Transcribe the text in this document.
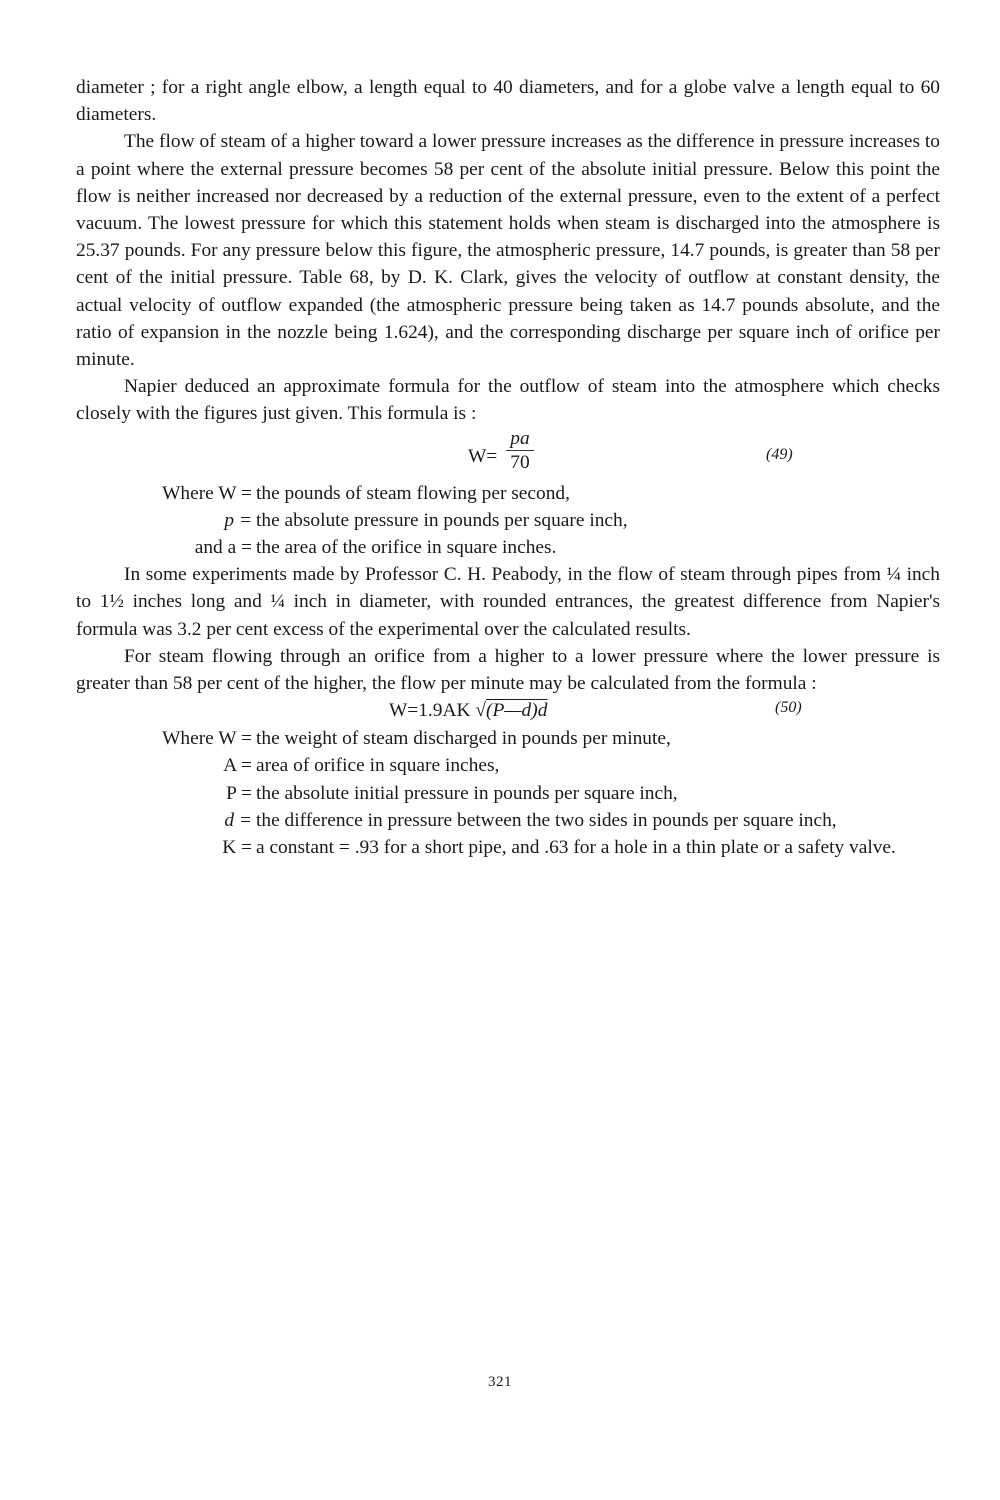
diameter ; for a right angle elbow, a length equal to 40 diameters, and for a globe valve a length equal to 60 diameters.

The flow of steam of a higher toward a lower pressure increases as the difference in pressure increases to a point where the external pressure becomes 58 per cent of the absolute initial pressure. Below this point the flow is neither increased nor decreased by a reduction of the external pressure, even to the extent of a perfect vacuum. The lowest pressure for which this statement holds when steam is discharged into the atmosphere is 25.37 pounds. For any pressure below this figure, the atmospheric pressure, 14.7 pounds, is greater than 58 per cent of the initial pressure. Table 68, by D. K. Clark, gives the velocity of outflow at constant density, the actual velocity of outflow expanded (the atmospheric pressure being taken as 14.7 pounds absolute, and the ratio of expansion in the nozzle being 1.624), and the corresponding discharge per square inch of orifice per minute.

Napier deduced an approximate formula for the outflow of steam into the atmosphere which checks closely with the figures just given. This formula is :

W=
$\frac{pa}{70}$	(49)
Where W = the pounds of steam flowing per second,
p = the absolute pressure in pounds per square inch,
and a = the area of the orifice in square inches.

In some experiments made by Professor C. H. Peabody, in the flow of steam through pipes from ¼ inch to 1½ inches long and ¼ inch in diameter, with rounded entrances, the greatest difference from Napier's formula was 3.2 per cent excess of the experimental over the calculated results.

For steam flowing through an orifice from a higher to a lower pressure where the lower pressure is greater than 58 per cent of the higher, the flow per minute may be calculated from the formula :

W=1.9AK √(P—d)d	(50)
Where W = the weight of steam discharged in pounds per minute,
A = area of orifice in square inches,
P = the absolute initial pressure in pounds per square inch,
d = the difference in pressure between the two sides in pounds per square inch,
K = a constant = .93 for a short pipe, and .63 for a hole in a thin plate or a safety valve.
321
